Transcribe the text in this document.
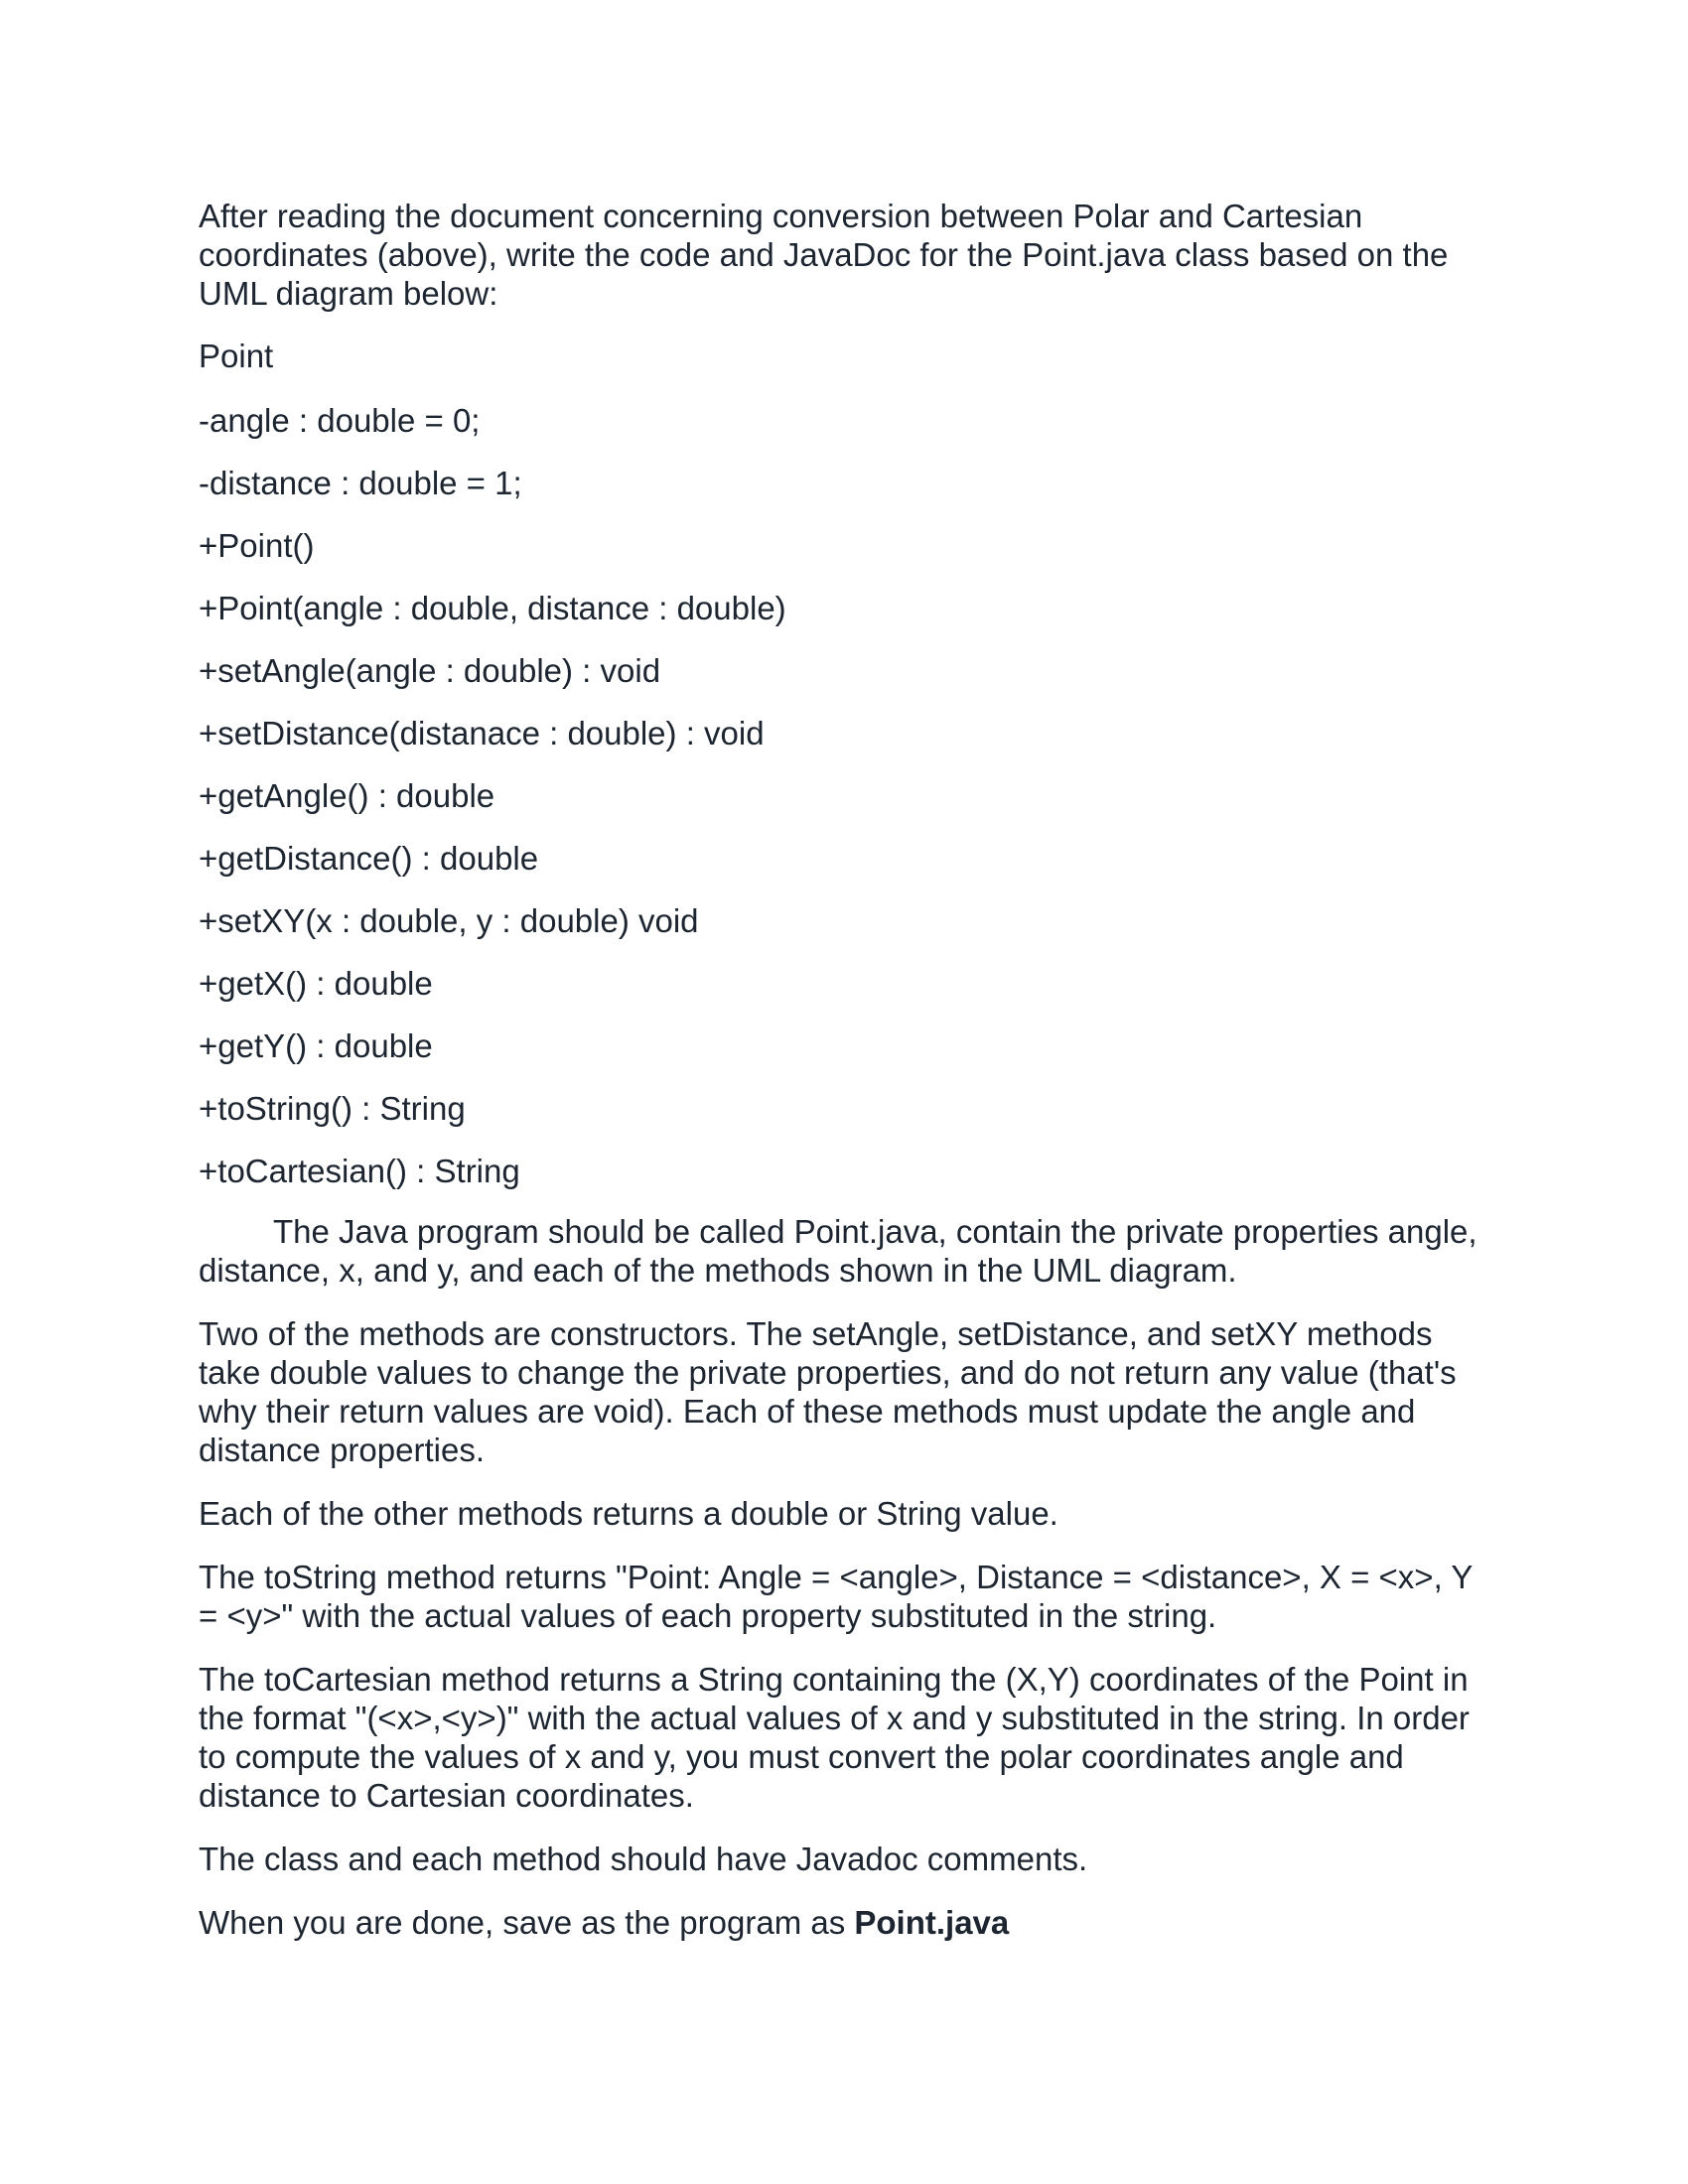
After reading the document concerning conversion between Polar and Cartesian coordinates (above), write the code and JavaDoc for the Point.java class based on the UML diagram below:

Point

-angle : double = 0;

-distance : double = 1;

+Point()

+Point(angle : double, distance : double)

+setAngle(angle : double) : void

+setDistance(distanace : double) : void

+getAngle() : double

+getDistance() : double

+setXY(x : double, y : double) void

+getX() : double

+getY() : double

+toString() : String

+toCartesian() : String

The Java program should be called Point.java, contain the private properties angle, distance, x, and y, and each of the methods shown in the UML diagram.

Two of the methods are constructors. The setAngle, setDistance, and setXY methods take double values to change the private properties, and do not return any value (that's why their return values are void). Each of these methods must update the angle and distance properties.

Each of the other methods returns a double or String value.

The toString method returns "Point: Angle = <angle>, Distance = <distance>, X = <x>, Y = <y>" with the actual values of each property substituted in the string.

The toCartesian method returns a String containing the (X,Y) coordinates of the Point in the format "(<x>,<y>)" with the actual values of x and y substituted in the string. In order to compute the values of x and y, you must convert the polar coordinates angle and distance to Cartesian coordinates.

The class and each method should have Javadoc comments.

When you are done, save as the program as Point.java
